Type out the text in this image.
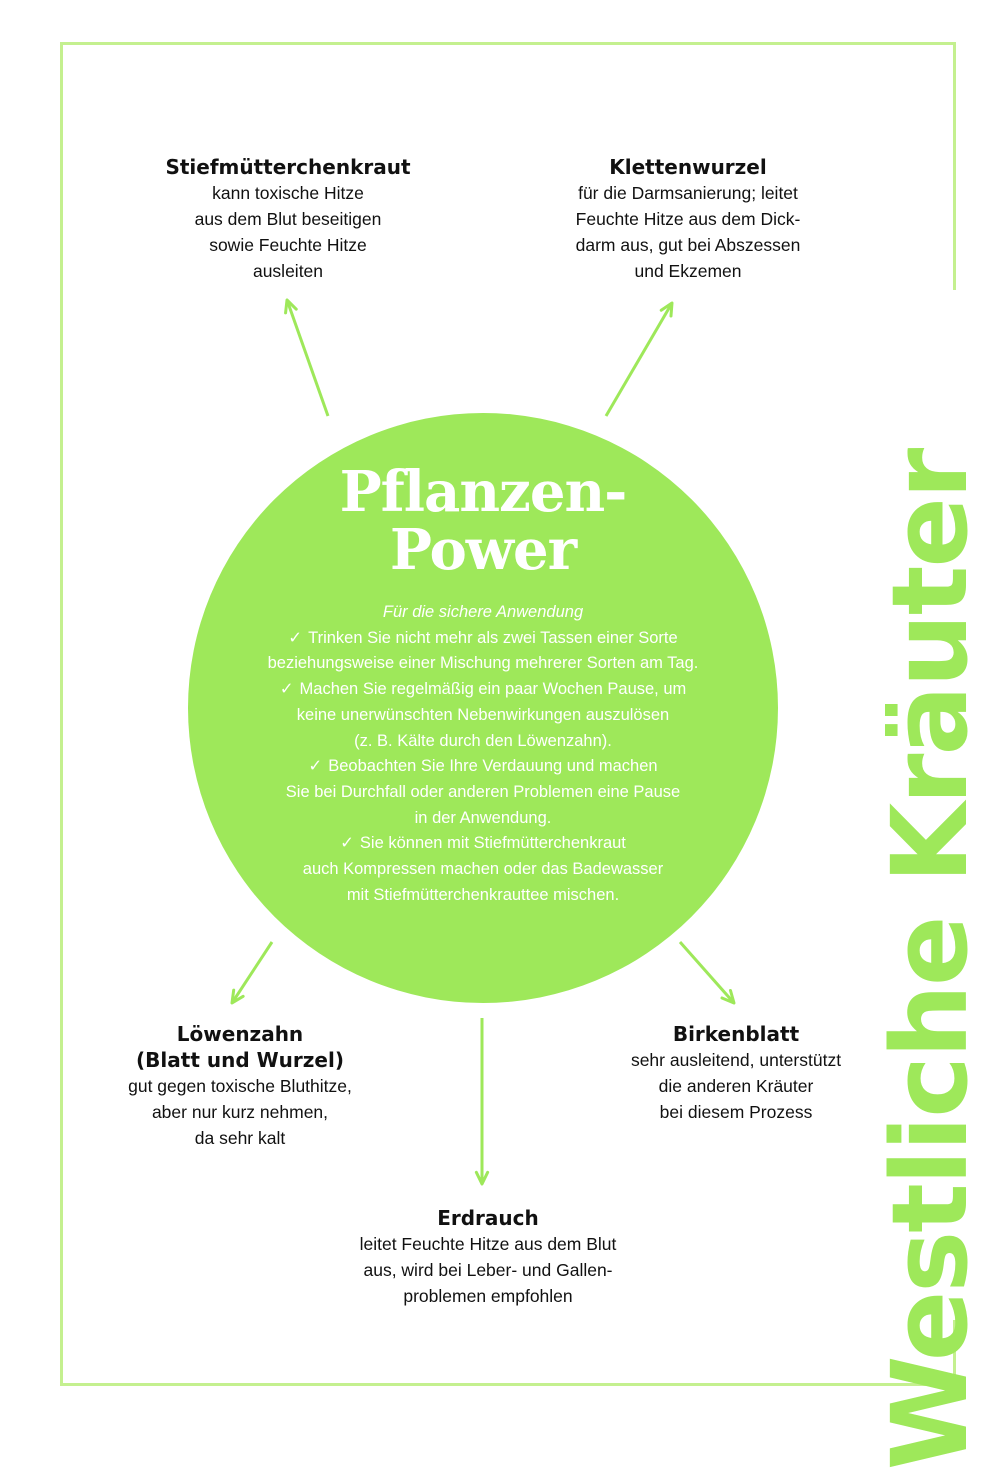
Westliche Kräuter
Pflanzen-
Power
Für die sichere Anwendung
✓ Trinken Sie nicht mehr als zwei Tassen einer Sorte
beziehungsweise einer Mischung mehrerer Sorten am Tag.
✓ Machen Sie regelmäßig ein paar Wochen Pause, um
keine unerwünschten Nebenwirkungen auszulösen
(z. B. Kälte durch den Löwenzahn).
✓ Beobachten Sie Ihre Verdauung und machen
Sie bei Durchfall oder anderen Problemen eine Pause
in der Anwendung.
✓ Sie können mit Stiefmütterchenkraut
auch Kompressen machen oder das Badewasser
mit Stiefmütterchenkrauttee mischen.
Stiefmütterchenkraut
kann toxische Hitze
aus dem Blut beseitigen
sowie Feuchte Hitze
ausleiten
Klettenwurzel
für die Darmsanierung; leitet
Feuchte Hitze aus dem Dick-
darm aus, gut bei Abszessen
und Ekzemen
Löwenzahn
(Blatt und Wurzel)
gut gegen toxische Bluthitze,
aber nur kurz nehmen,
da sehr kalt
Birkenblatt
sehr ausleitend, unterstützt
die anderen Kräuter
bei diesem Prozess
Erdrauch
leitet Feuchte Hitze aus dem Blut
aus, wird bei Leber- und Gallen-
problemen empfohlen
